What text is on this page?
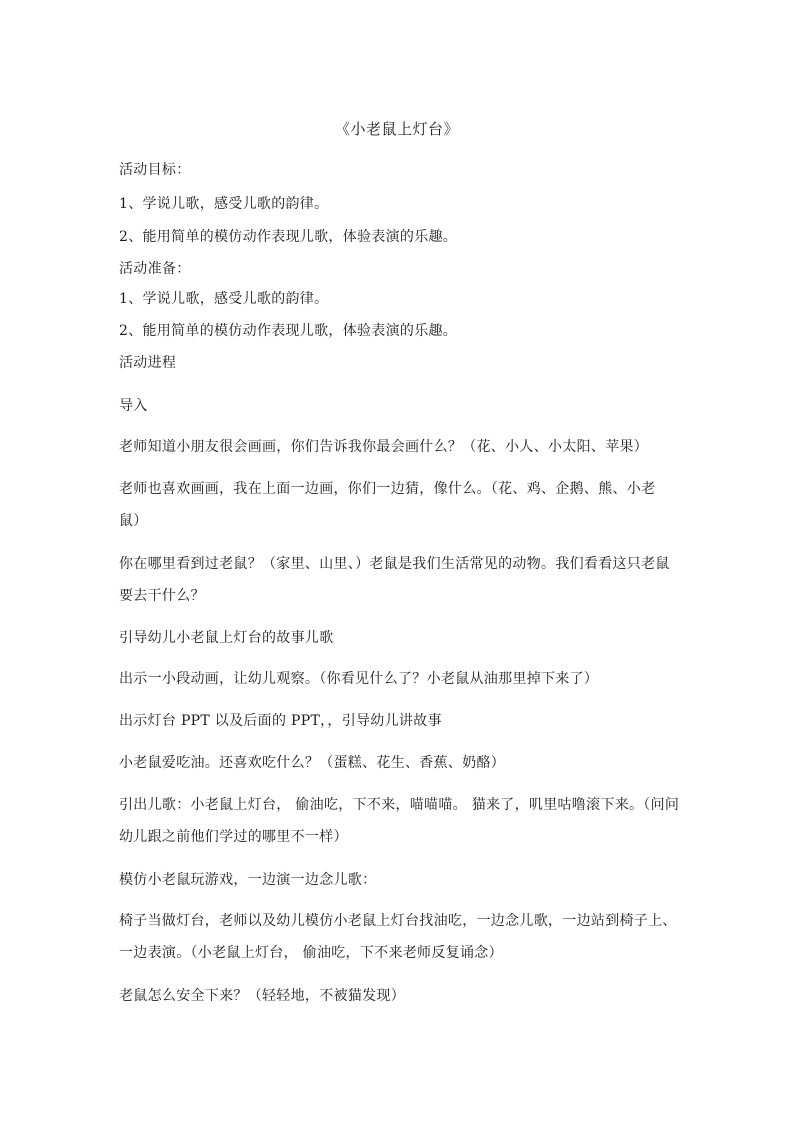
《小老鼠上灯台》
活动目标：
1、学说儿歌，感受儿歌的韵律。
2、能用简单的模仿动作表现儿歌，体验表演的乐趣。
活动准备：
1、学说儿歌，感受儿歌的韵律。
2、能用简单的模仿动作表现儿歌，体验表演的乐趣。
活动进程
导入
老师知道小朋友很会画画，你们告诉我你最会画什么？（花、小人、小太阳、苹果）
老师也喜欢画画，我在上面一边画，你们一边猜，像什么。（花、鸡、企鹅、熊、小老
鼠）
你在哪里看到过老鼠？（家里、山里、）老鼠是我们生活常见的动物。我们看看这只老鼠
要去干什么？
引导幼儿小老鼠上灯台的故事儿歌
出示一小段动画，让幼儿观察。（你看见什么了？小老鼠从油那里掉下来了）
出示灯台 PPT 以及后面的 PPT，，引导幼儿讲故事
小老鼠爱吃油。还喜欢吃什么？（蛋糕、花生、香蕉、奶酪）
引出儿歌：小老鼠上灯台， 偷油吃，下不来，喵喵喵。 猫来了，叽里咕噜滚下来。（问问
幼儿跟之前他们学过的哪里不一样）
模仿小老鼠玩游戏，一边演一边念儿歌：
椅子当做灯台，老师以及幼儿模仿小老鼠上灯台找油吃，一边念儿歌，一边站到椅子上、
一边表演。（小老鼠上灯台， 偷油吃，下不来老师反复诵念）
老鼠怎么安全下来？（轻轻地，不被猫发现）
